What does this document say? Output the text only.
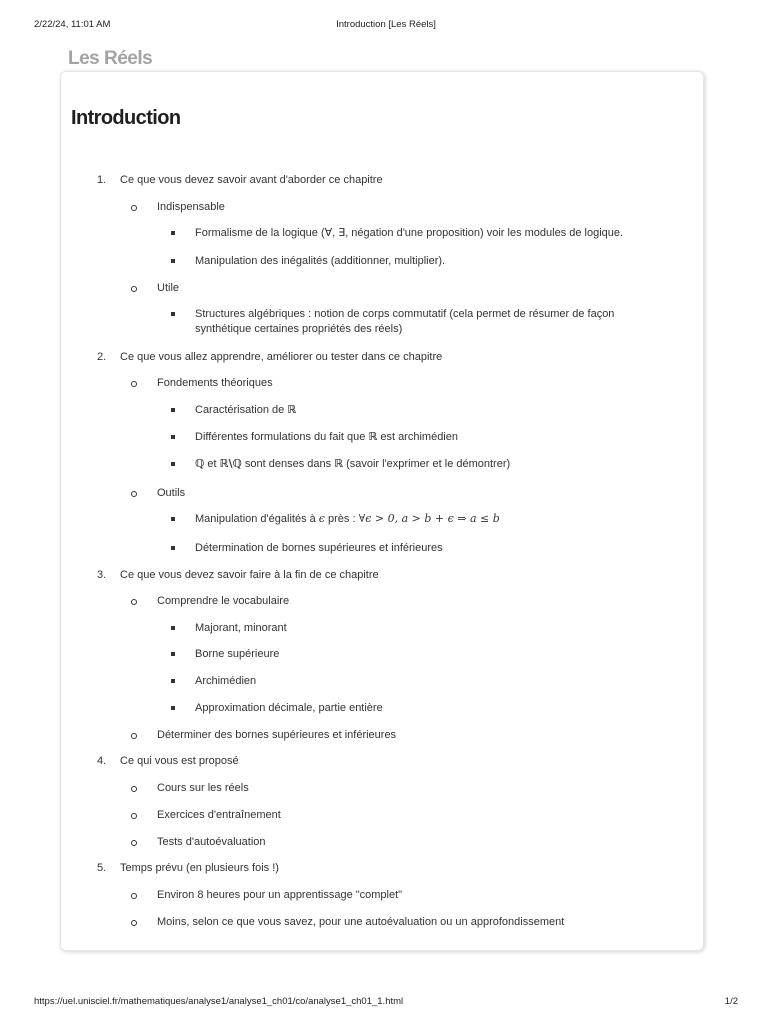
2/22/24, 11:01 AM	Introduction [Les Réels]
Les Réels
Introduction
1. Ce que vous devez savoir avant d'aborder ce chapitre
Indispensable
Formalisme de la logique (∀, ∃, négation d'une proposition) voir les modules de logique.
Manipulation des inégalités (additionner, multiplier).
Utile
Structures algébriques : notion de corps commutatif (cela permet de résumer de façon
synthétique certaines propriétés des réels)
2. Ce que vous allez apprendre, améliorer ou tester dans ce chapitre
Fondements théoriques
Caractérisation de ℝ
Différentes formulations du fait que ℝ est archimédien
ℚ et ℝ\ℚ sont denses dans ℝ (savoir l'exprimer et le démontrer)
Outils
Manipulation d'égalités à ϵ près : ∀ϵ > 0, a > b + ϵ ⇒ a ≤ b
Détermination de bornes supérieures et inférieures
3. Ce que vous devez savoir faire à la fin de ce chapitre
Comprendre le vocabulaire
Majorant, minorant
Borne supérieure
Archimédien
Approximation décimale, partie entière
Déterminer des bornes supérieures et inférieures
4. Ce qui vous est proposé
Cours sur les réels
Exercices d'entraînement
Tests d'autoévaluation
5. Temps prévu (en plusieurs fois !)
Environ 8 heures pour un apprentissage "complet"
Moins, selon ce que vous savez, pour une autoévaluation ou un approfondissement
https://uel.unisciel.fr/mathematiques/analyse1/analyse1_ch01/co/analyse1_ch01_1.html	1/2
